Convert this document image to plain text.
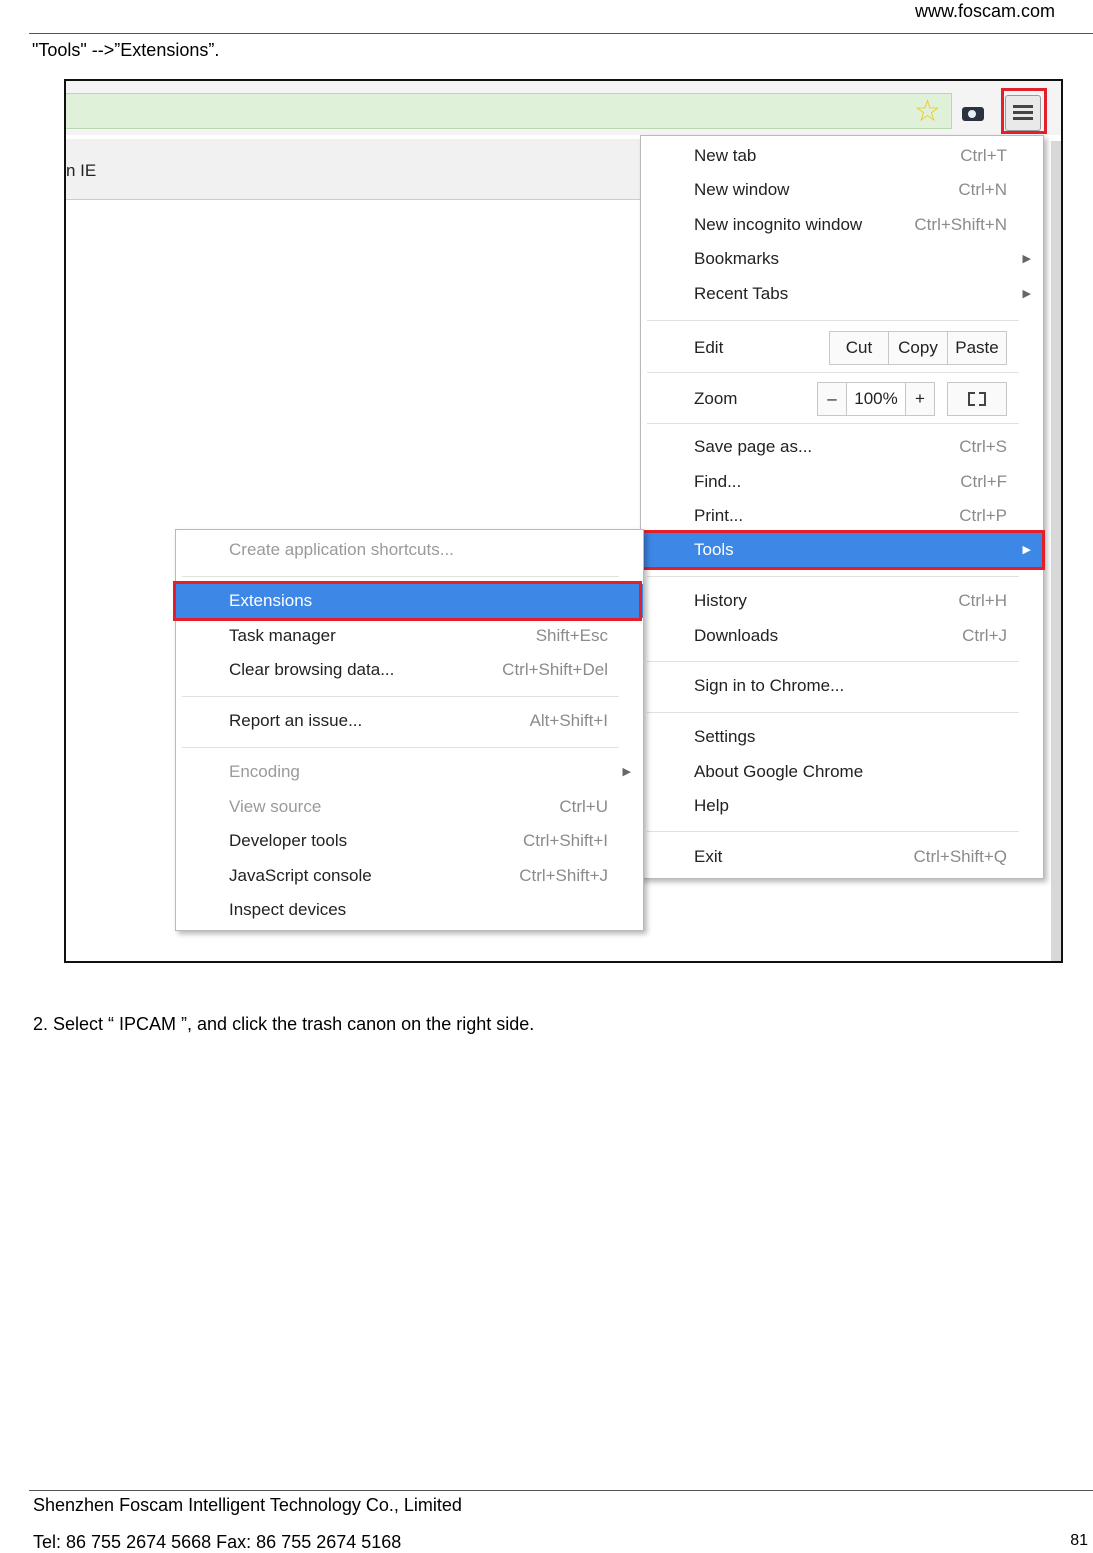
www.foscam.com
"Tools" -->”Extensions”.
☆
n IE
New tab	Ctrl+T
New window	Ctrl+N
New incognito window	Ctrl+Shift+N
Bookmarks	▶
Recent Tabs	▶
Edit	Cut	Copy	Paste
Zoom	–	100%	+
Save page as...	Ctrl+S
Find...	Ctrl+F
Print...	Ctrl+P
Tools	▶
History	Ctrl+H
Downloads	Ctrl+J
Sign in to Chrome...
Settings
About Google Chrome
Help
Exit	Ctrl+Shift+Q
Create application shortcuts...
Extensions
Task manager	Shift+Esc
Clear browsing data...	Ctrl+Shift+Del
Report an issue...	Alt+Shift+I
Encoding	▶
View source	Ctrl+U
Developer tools	Ctrl+Shift+I
JavaScript console	Ctrl+Shift+J
Inspect devices
2. Select “ IPCAM ”, and click the trash canon on the right side.
Shenzhen Foscam Intelligent Technology Co., Limited
Tel: 86 755 2674 5668 Fax: 86 755 2674 5168	81
